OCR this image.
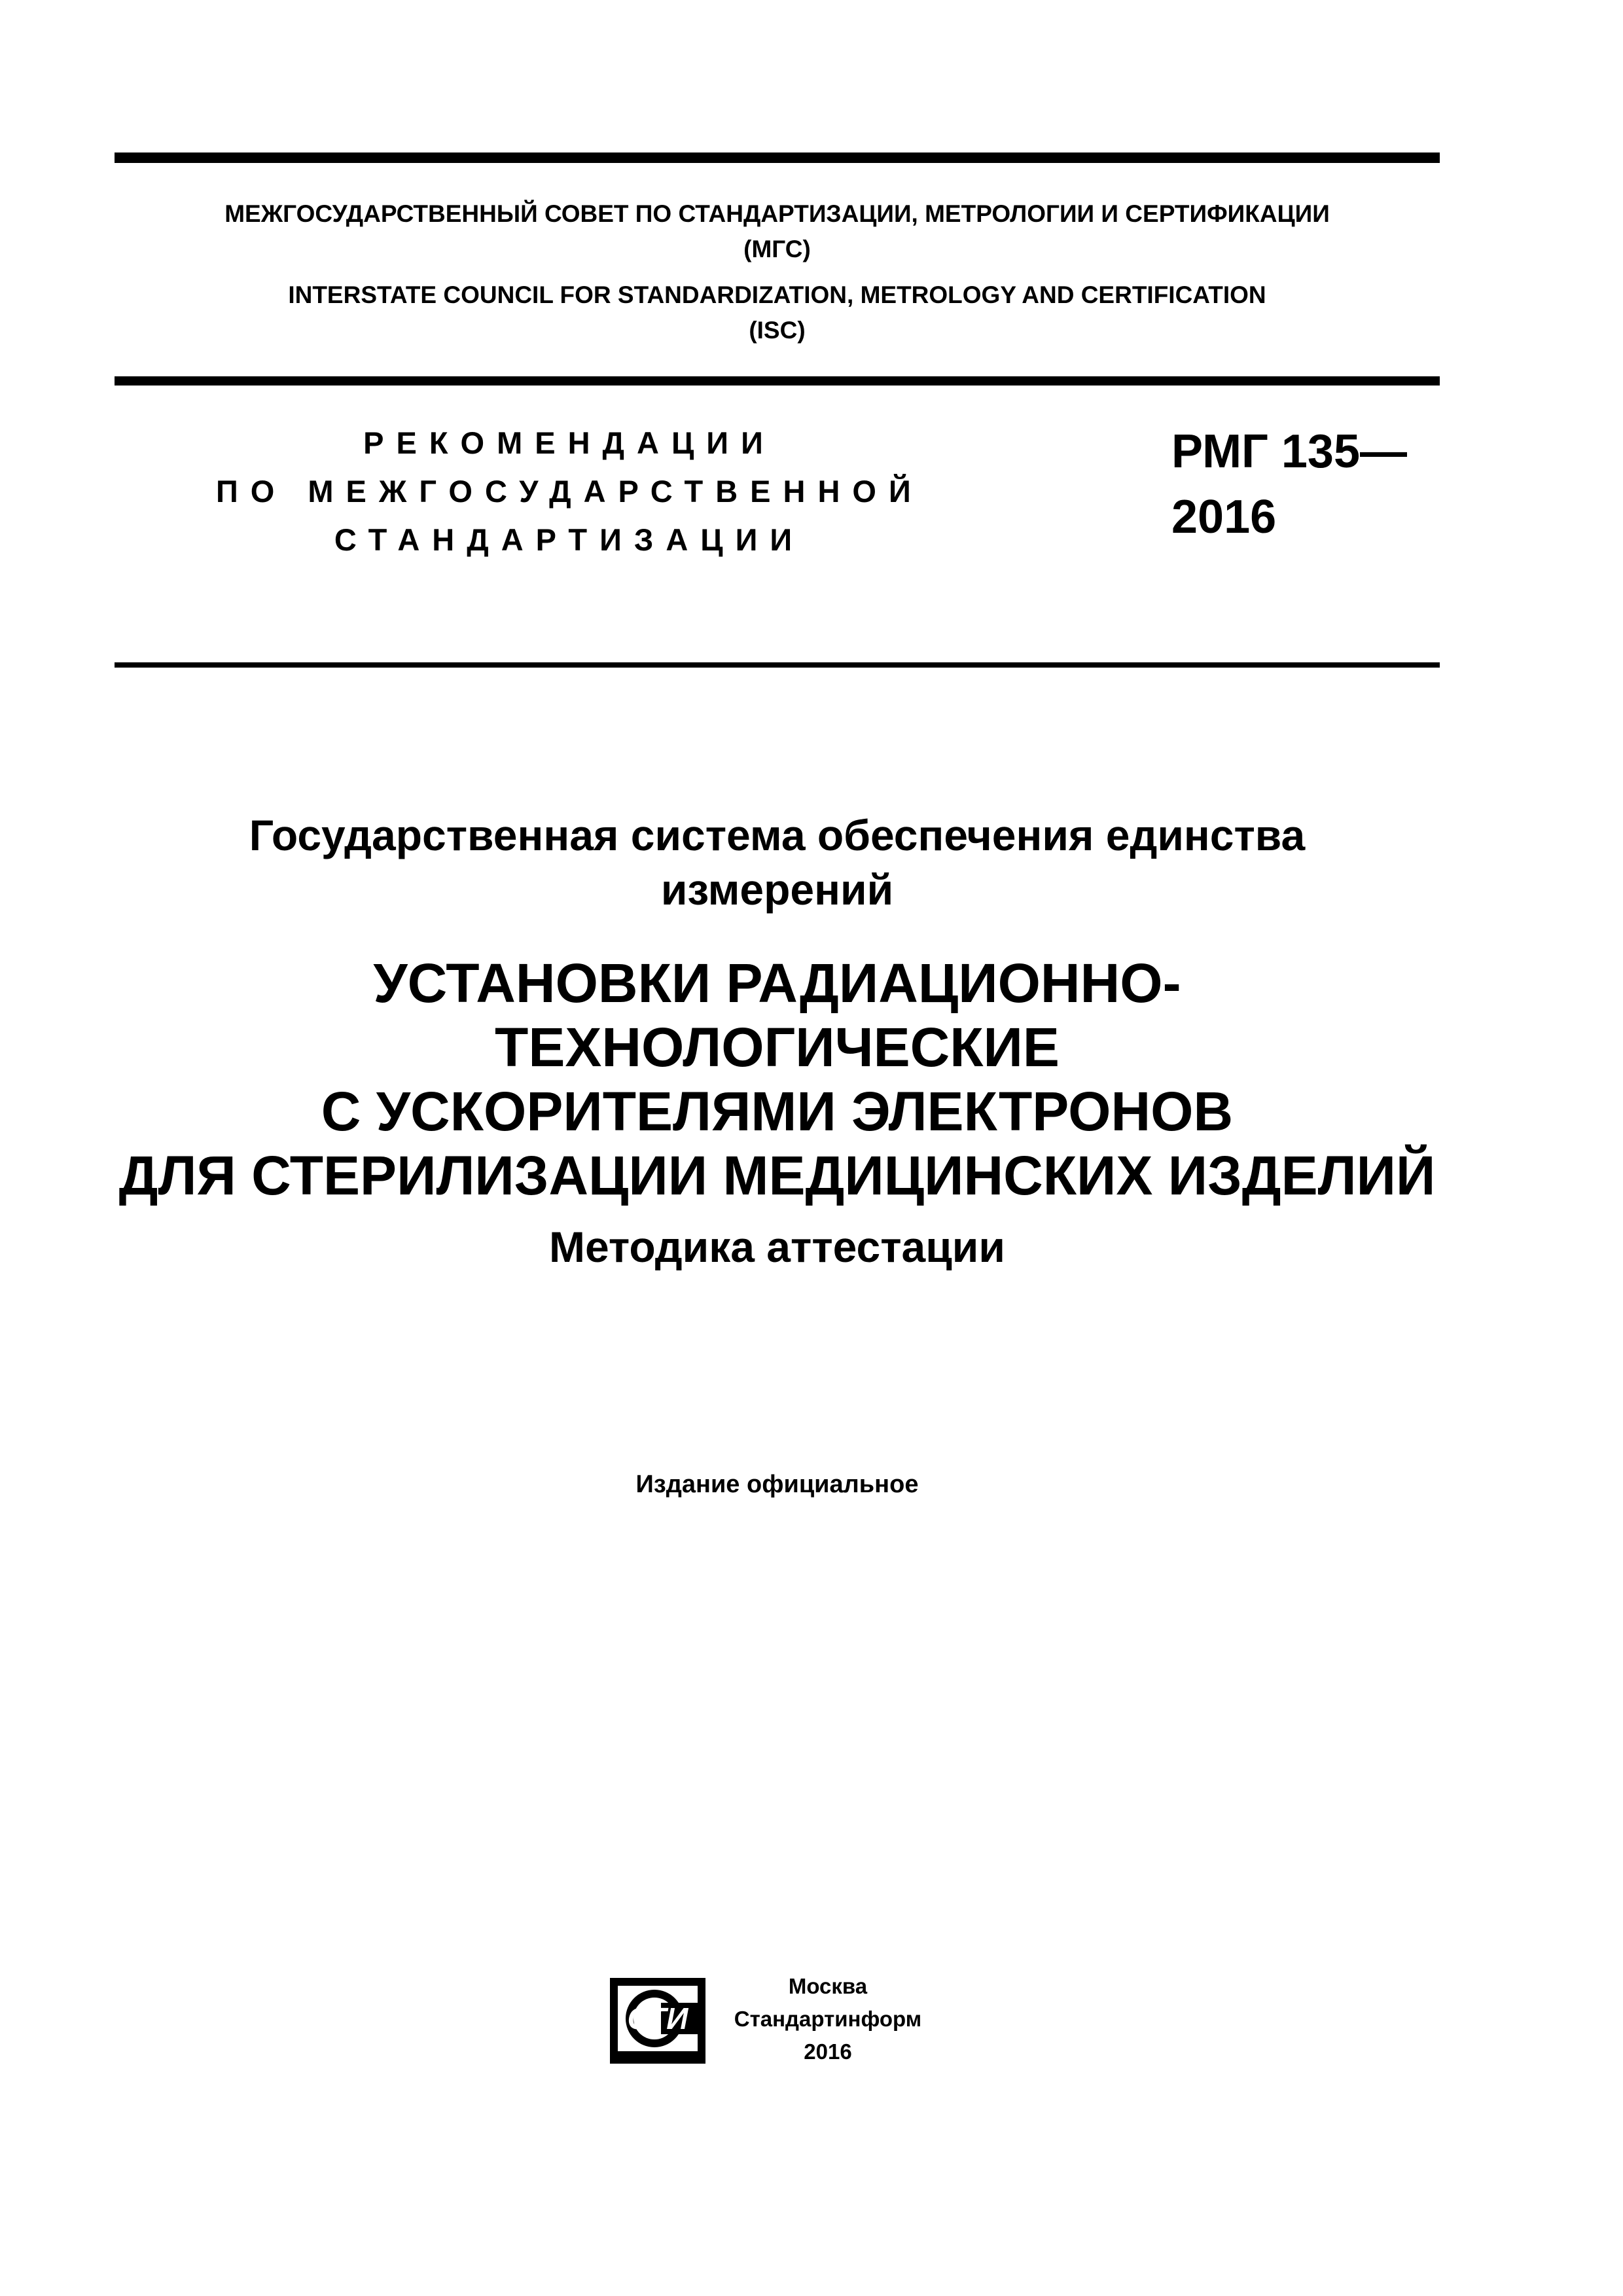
МЕЖГОСУДАРСТВЕННЫЙ СОВЕТ ПО СТАНДАРТИЗАЦИИ, МЕТРОЛОГИИ И СЕРТИФИКАЦИИ
(МГС)
INTERSTATE COUNCIL FOR STANDARDIZATION, METROLOGY AND CERTIFICATION
(ISC)
РЕКОМЕНДАЦИИ
ПО МЕЖГОСУДАРСТВЕННОЙ
СТАНДАРТИЗАЦИИ
РМГ 135—
2016
Государственная система обеспечения единства
измерений
УСТАНОВКИ РАДИАЦИОННО-ТЕХНОЛОГИЧЕСКИЕ
С УСКОРИТЕЛЯМИ ЭЛЕКТРОНОВ
ДЛЯ СТЕРИЛИЗАЦИИ МЕДИЦИНСКИХ ИЗДЕЛИЙ
Методика аттестации
Издание официальное
СТИ
Москва
Стандартинформ
2016
